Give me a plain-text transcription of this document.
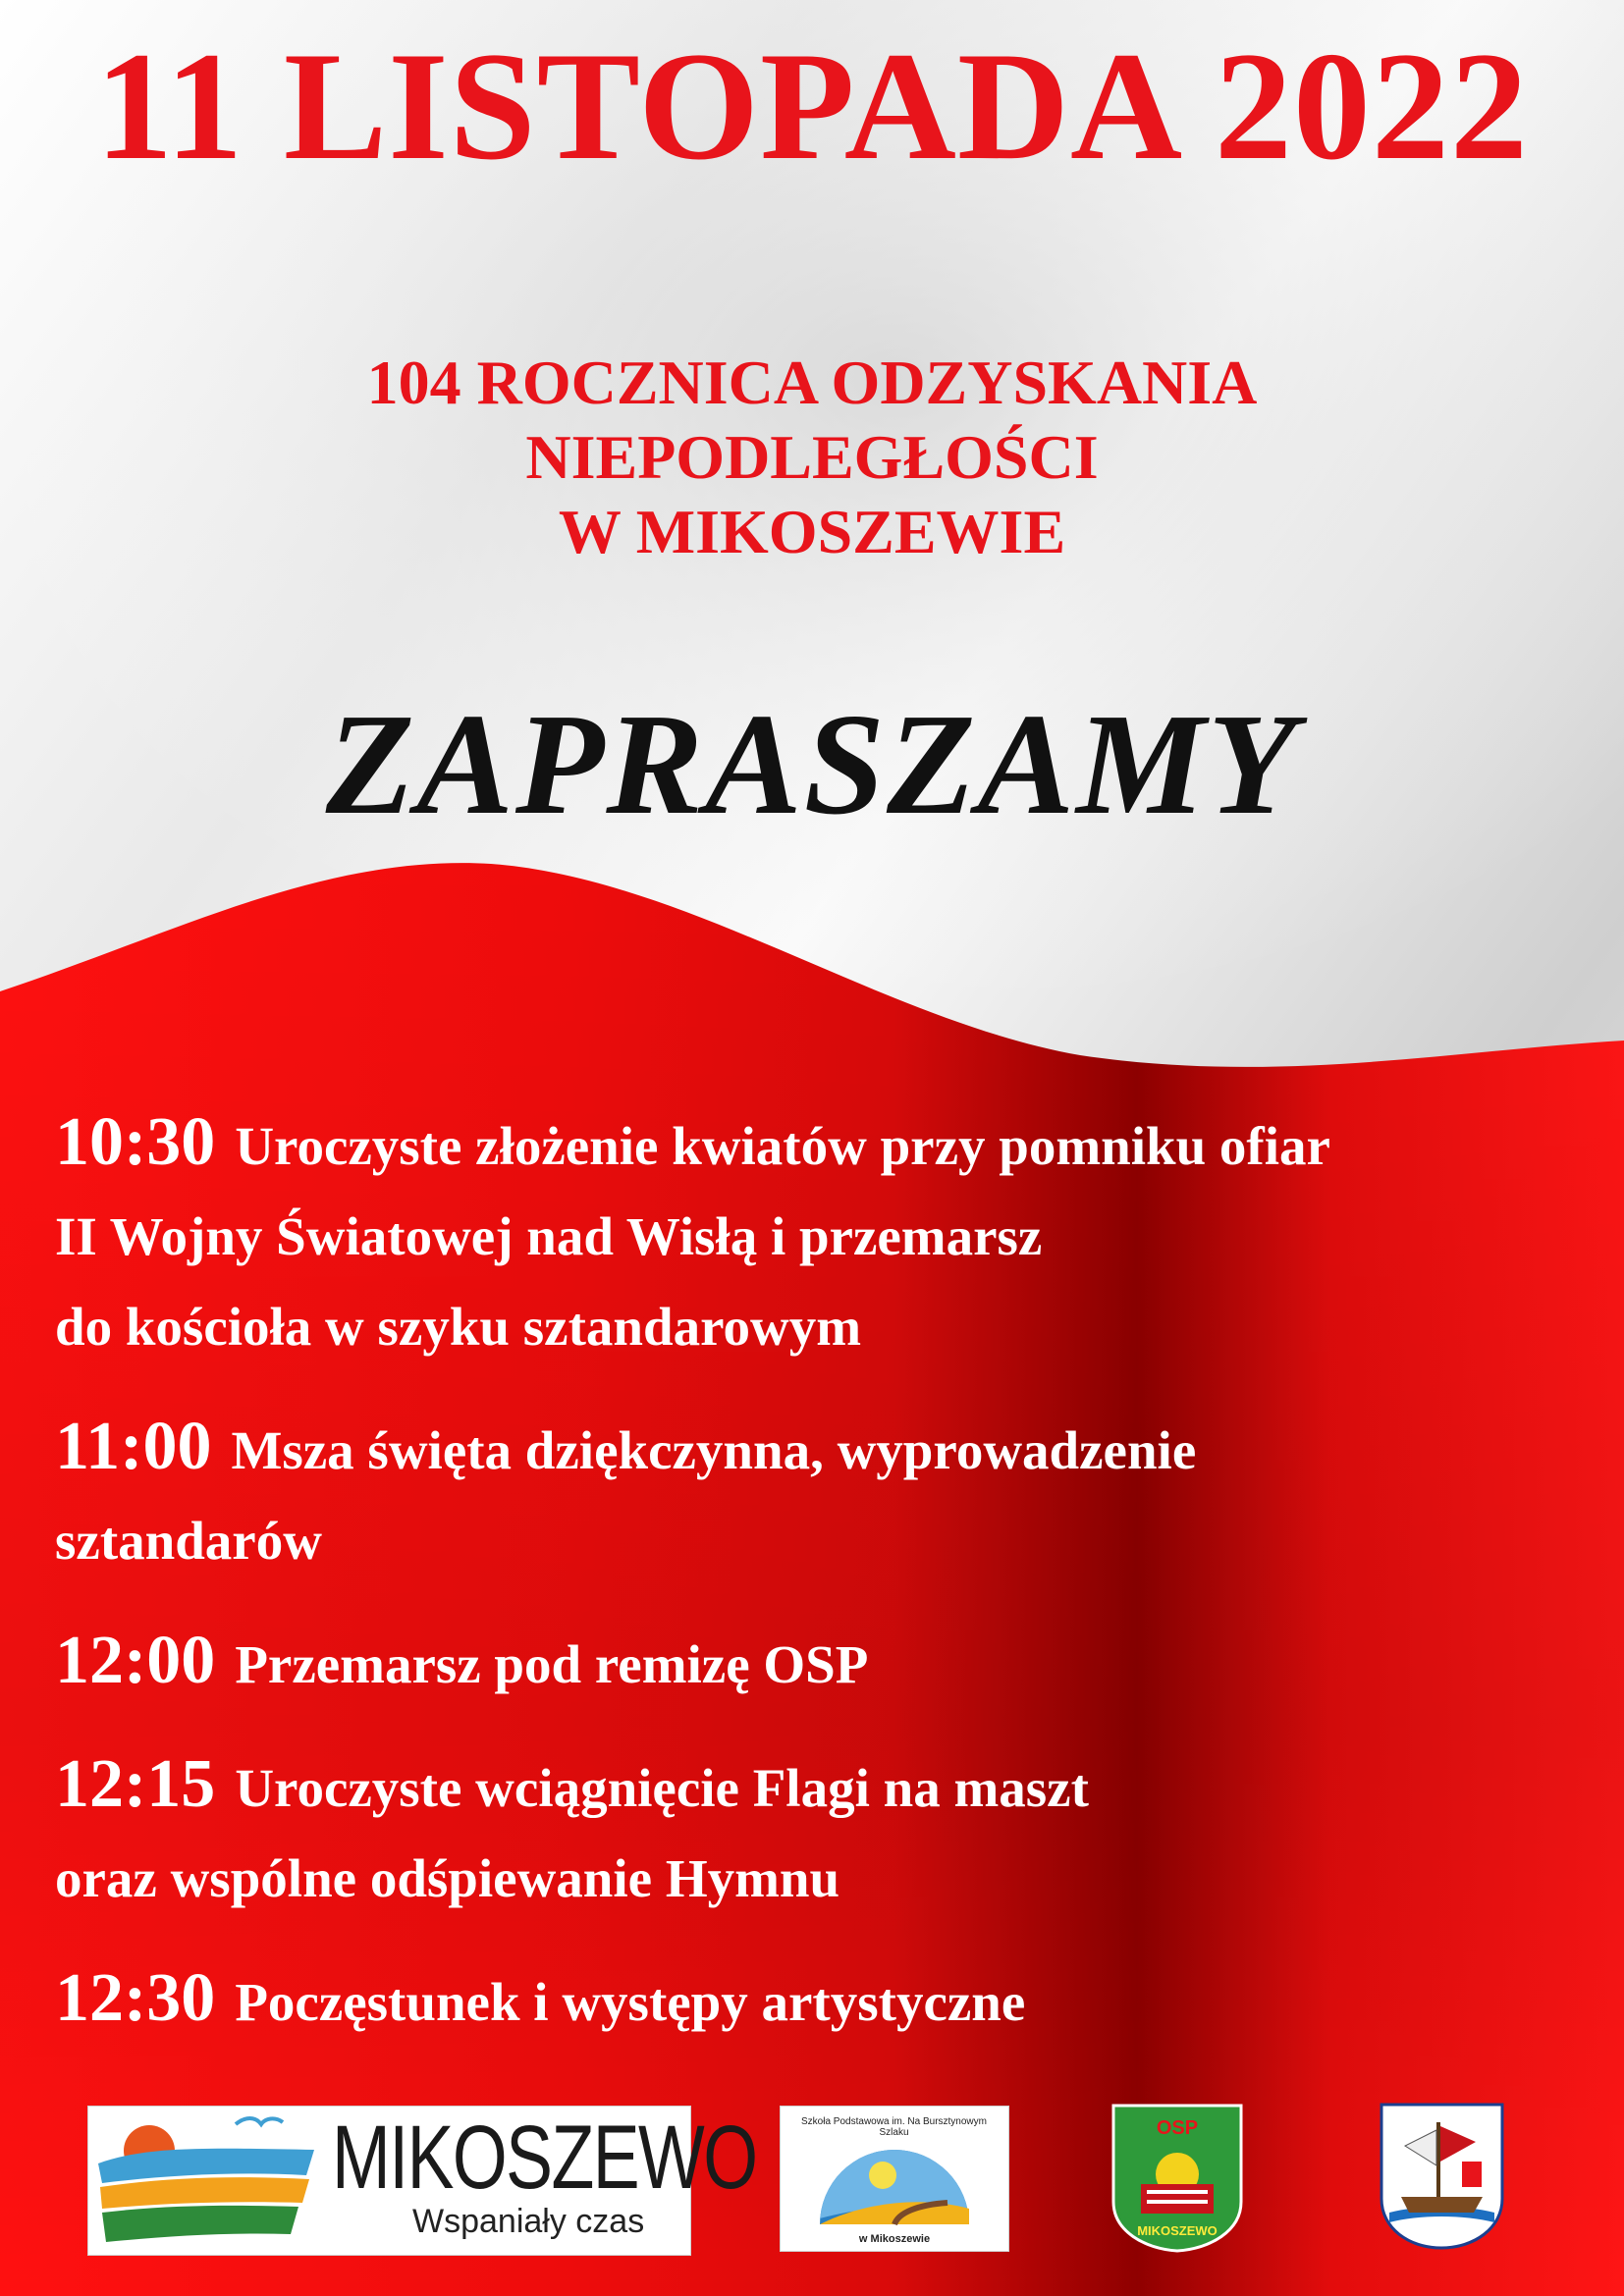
11 LISTOPADA 2022
104 ROCZNICA ODZYSKANIA
NIEPODLEGŁOŚCI
W MIKOSZEWIE
ZAPRASZAMY
10:30 Uroczyste złożenie kwiatów przy pomniku ofiar
II Wojny Światowej nad Wisłą i przemarsz
do kościoła w szyku sztandarowym
11:00 Msza święta dziękczynna, wyprowadzenie
sztandarów
12:00 Przemarsz pod remizę OSP
12:15 Uroczyste wciągnięcie Flagi na maszt
oraz wspólne odśpiewanie Hymnu
12:30 Poczęstunek i występy artystyczne
MIKOSZEWO
Wspaniały czas
Szkoła Podstawowa im. Na Bursztynowym Szlaku
w Mikoszewie
OSP
MIKOSZEWO
